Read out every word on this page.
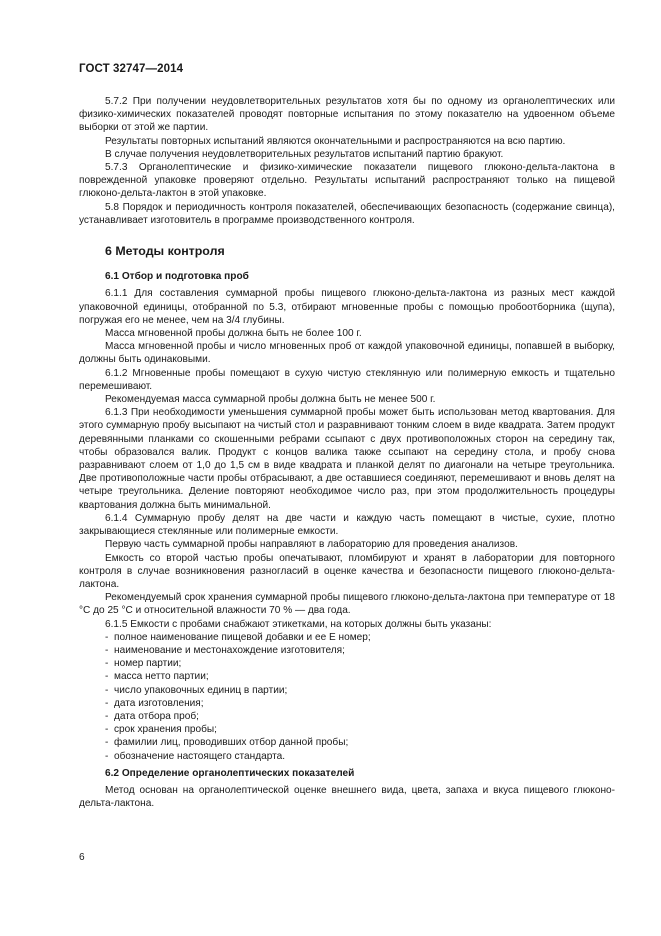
ГОСТ 32747—2014

5.7.2 При получении неудовлетворительных результатов хотя бы по одному из органолептических или физико-химических показателей проводят повторные испытания по этому показателю на удвоенном объеме выборки от этой же партии.

Результаты повторных испытаний являются окончательными и распространяются на всю партию.

В случае получения неудовлетворительных результатов испытаний партию бракуют.

5.7.3 Органолептические и физико-химические показатели пищевого глюконо-дельта-лактона в поврежденной упаковке проверяют отдельно. Результаты испытаний распространяют только на пищевой глюконо-дельта-лактон в этой упаковке.

5.8 Порядок и периодичность контроля показателей, обеспечивающих безопасность (содержание свинца), устанавливает изготовитель в программе производственного контроля.

6 Методы контроля
6.1 Отбор и подготовка проб

6.1.1 Для составления суммарной пробы пищевого глюконо-дельта-лактона из разных мест каждой упаковочной единицы, отобранной по 5.3, отбирают мгновенные пробы с помощью пробоотборника (щупа), погружая его не менее, чем на 3/4 глубины.

Масса мгновенной пробы должна быть не более 100 г.

Масса мгновенной пробы и число мгновенных проб от каждой упаковочной единицы, попавшей в выборку, должны быть одинаковыми.

6.1.2 Мгновенные пробы помещают в сухую чистую стеклянную или полимерную емкость и тщательно перемешивают.

Рекомендуемая масса суммарной пробы должна быть не менее 500 г.

6.1.3 При необходимости уменьшения суммарной пробы может быть использован метод квартования. Для этого суммарную пробу высыпают на чистый стол и разравнивают тонким слоем в виде квадрата. Затем продукт деревянными планками со скошенными ребрами ссыпают с двух противоположных сторон на середину так, чтобы образовался валик. Продукт с концов валика также ссыпают на середину стола, и пробу снова разравнивают слоем от 1,0 до 1,5 см в виде квадрата и планкой делят по диагонали на четыре треугольника. Две противоположные части пробы отбрасывают, а две оставшиеся соединяют, перемешивают и вновь делят на четыре треугольника. Деление повторяют необходимое число раз, при этом продолжительность процедуры квартования должна быть минимальной.

6.1.4 Суммарную пробу делят на две части и каждую часть помещают в чистые, сухие, плотно закрывающиеся стеклянные или полимерные емкости.

Первую часть суммарной пробы направляют в лабораторию для проведения анализов.

Емкость со второй частью пробы опечатывают, пломбируют и хранят в лаборатории для повторного контроля в случае возникновения разногласий в оценке качества и безопасности пищевого глюконо-дельта-лактона.

Рекомендуемый срок хранения суммарной пробы пищевого глюконо-дельта-лактона при температуре от 18 °С до 25 °С и относительной влажности 70 % — два года.

6.1.5 Емкости с пробами снабжают этикетками, на которых должны быть указаны:

- полное наименование пищевой добавки и ее Е номер;
- наименование и местонахождение изготовителя;
- номер партии;
- масса нетто партии;
- число упаковочных единиц в партии;
- дата изготовления;
- дата отбора проб;
- срок хранения пробы;
- фамилии лиц, проводивших отбор данной пробы;
- обозначение настоящего стандарта.
6.2 Определение органолептических показателей

Метод основан на органолептической оценке внешнего вида, цвета, запаха и вкуса пищевого глюконо-дельта-лактона.

6
